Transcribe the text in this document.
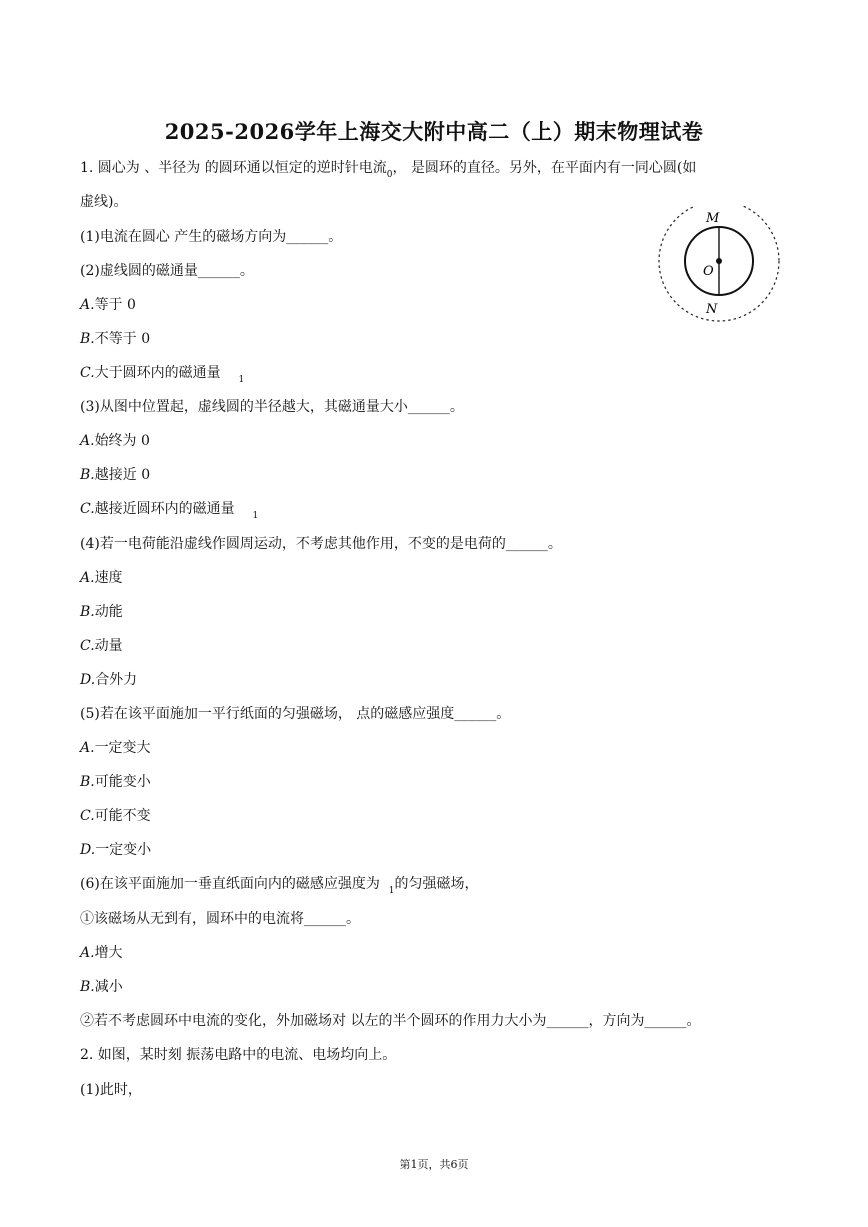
2025-2026学年上海交大附中高二（上）期末物理试卷
1. 圆心为 、半径为 的圆环通以恒定的逆时针电流$_0$， 是圆环的直径。另外，在平面内有一同心圆(如
虚线)。
(1)电流在圆心 产生的磁场方向为______。
(2)虚线圆的磁通量______。
A.等于 0
B.不等于 0
C.大于圆环内的磁通量 $_1$
(3)从图中位置起，虚线圆的半径越大，其磁通量大小______。
A.始终为 0
B.越接近 0
C.越接近圆环内的磁通量 $_1$
(4)若一电荷能沿虚线作圆周运动，不考虑其他作用，不变的是电荷的______。
A.速度
B.动能
C.动量
D.合外力
(5)若在该平面施加一平行纸面的匀强磁场， 点的磁感应强度______。
A.一定变大
B.可能变小
C.可能不变
D.一定变小
(6)在该平面施加一垂直纸面向内的磁感应强度为 $_1$的匀强磁场，
①该磁场从无到有，圆环中的电流将______。
A.增大
B.减小
②若不考虑圆环中电流的变化，外加磁场对 以左的半个圆环的作用力大小为______，方向为______。
2. 如图，某时刻 振荡电路中的电流、电场均向上。
(1)此时，
M
O
N
第1页，共6页
